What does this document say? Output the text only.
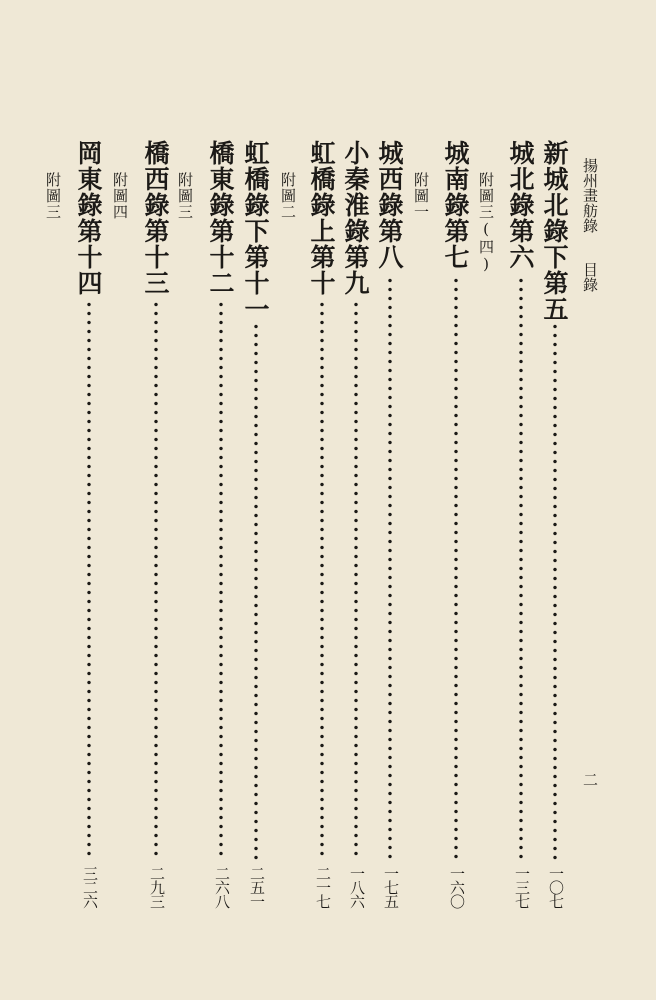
揚州畫舫錄
目錄
二
新城北錄下第五
一〇七
城北錄第六
一三七
附圖三(四)
城南錄第七
一六〇
附圖一
城西錄第八
一七五
小秦淮錄第九
一八六
虹橋錄上第十
二一七
附圖二
虹橋錄下第十一
二五一
橋東錄第十二
二六八
附圖三
橋西錄第十三
二九三
附圖四
岡東錄第十四
三二六
附圖三
